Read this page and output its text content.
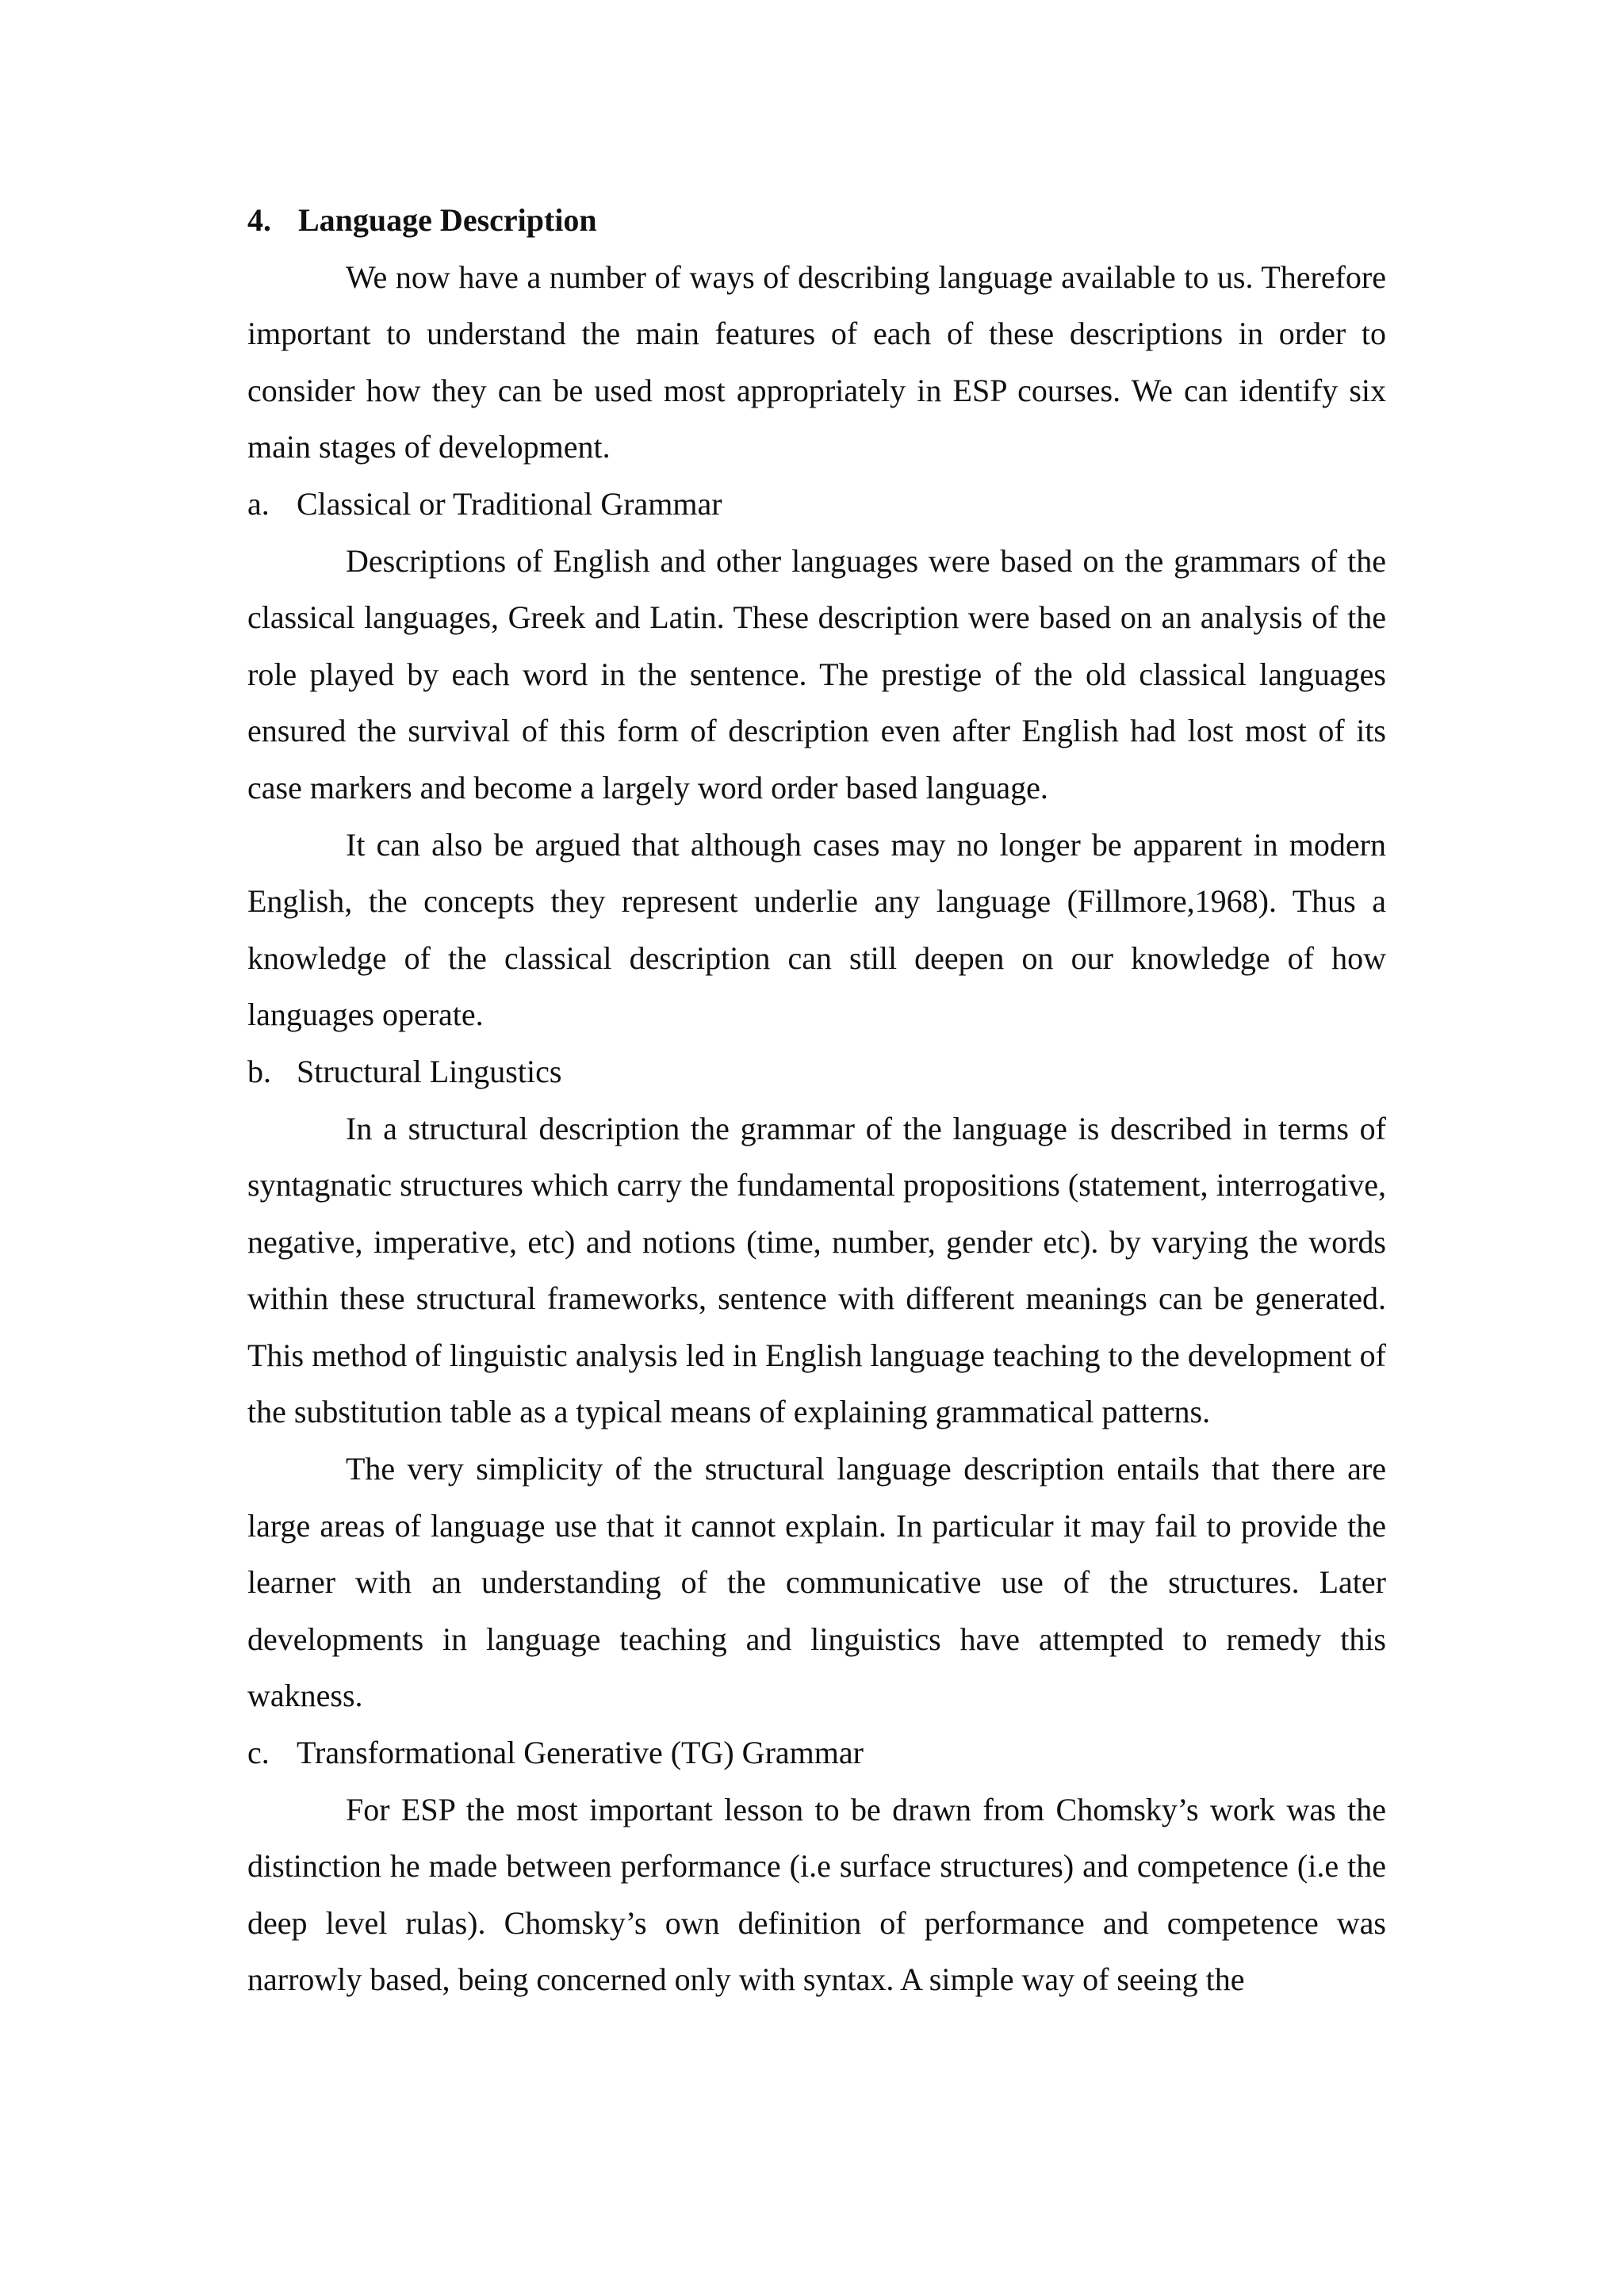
4. Language Description

We now have a number of ways of describing language available to us. Therefore important to understand the main features of each of these descriptions in order to consider how they can be used most appropriately in ESP courses. We can identify six main stages of development.

a. Classical or Traditional Grammar

Descriptions of English and other languages were based on the grammars of the classical languages, Greek and Latin. These description were based on an analysis of the role played by each word in the sentence. The prestige of the old classical languages ensured the survival of this form of description even after English had lost most of its case markers and become a largely word order based language.

It can also be argued that although cases may no longer be apparent in modern English, the concepts they represent underlie any language (Fillmore,1968). Thus a knowledge of the classical description can still deepen on our knowledge of how languages operate.

b. Structural Lingustics

In a structural description the grammar of the language is described in terms of syntagnatic structures which carry the fundamental propositions (statement, interrogative, negative, imperative, etc) and notions (time, number, gender etc). by varying the words within these structural frameworks, sentence with different meanings can be generated. This method of linguistic analysis led in English language teaching to the development of the substitution table as a typical means of explaining grammatical patterns.

The very simplicity of the structural language description entails that there are large areas of language use that it cannot explain. In particular it may fail to provide the learner with an understanding of the communicative use of the structures. Later developments in language teaching and linguistics have attempted to remedy this wakness.

c. Transformational Generative (TG) Grammar

For ESP the most important lesson to be drawn from Chomsky’s work was the distinction he made between performance (i.e surface structures) and competence (i.e the deep level rulas). Chomsky’s own definition of performance and competence was narrowly based, being concerned only with syntax. A simple way of seeing the
